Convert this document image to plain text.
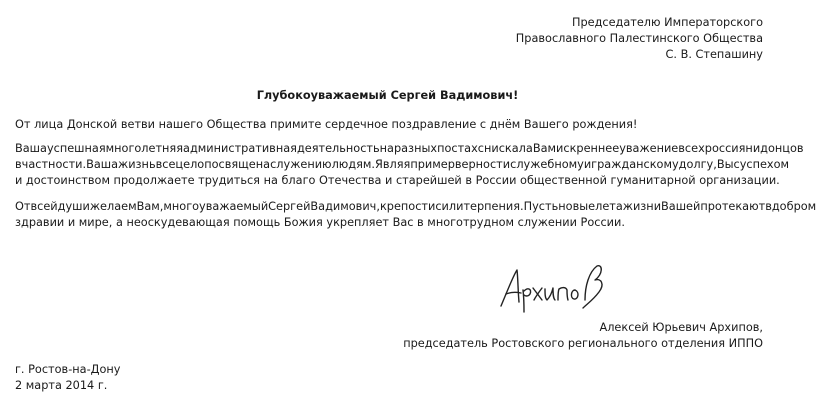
Председателю Императорского
Православного Палестинского Общества
С. В. Степашину
Глубокоуважаемый Сергей Вадимович!
От лица Донской ветви нашего Общества примите сердечное поздравление с днём Вашего рождения!
Ваша успешная многолетняя административная деятельность на разных постах снискала Вам искреннее уважение всех россиян и донцов
в частности. Ваша жизнь всецело посвящена служению людям. Являя пример верности служебному и гражданскому долгу, Вы с успехом
и достоинством продолжаете трудиться на благо Отечества и старейшей в России общественной гуманитарной организации.
От всей души желаем Вам, многоуважаемый Сергей Вадимович, крепости сил и терпения. Пусть новые лета жизни Вашей протекают в добром
здравии и мире, а неоскудевающая помощь Божия укрепляет Вас в многотрудном служении России.
Алексей Юрьевич Архипов,
председатель Ростовского регионального отделения ИППО
г. Ростов-на-Дону
2 марта 2014 г.
